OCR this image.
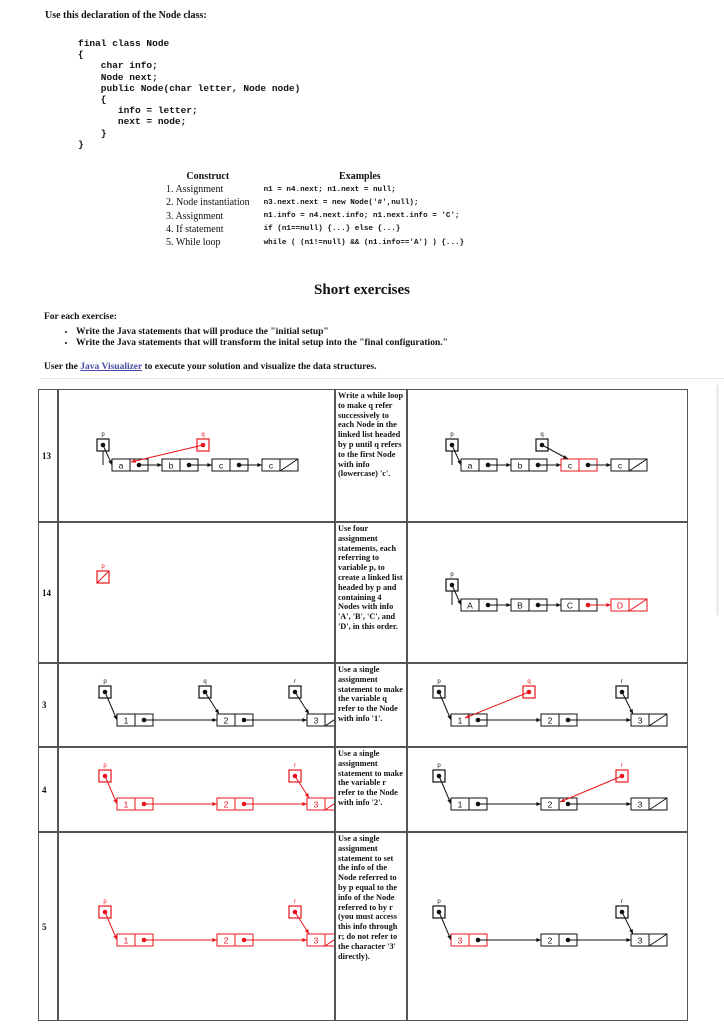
Use this declaration of the Node class:
final class Node
{
char info;
Node next;
public Node(char letter, Node node)
{
info = letter;
next = node;
}
}
Construct	Examples
1. Assignment	n1 = n4.next; n1.next = null;
2. Node instantiation	n3.next.next = new Node('#',null);
3. Assignment	n1.info = n4.next.info; n1.next.info = 'C';
4. If statement	if (n1==null) {...} else {...}
5. While loop	while ( (n1!=null) && (n1.info=='A') ) {...}
Short exercises
For each exercise:
• Write the Java statements that will produce the "initial setup"
• Write the Java statements that will transform the inital setup into the "final configuration."
User the Java Visualizer to execute your solution and visualize the data structures.
13
a	b	c	c
p	q
Write a while loop to make q refer successively to each Node in the linked list headed by p until q refers to the first Node with info (lowercase) 'c'.
a	b	c	c
p	q
14
p
Use four assignment statements, each referring to variable p, to create a linked list headed by p and containing 4 Nodes with info 'A', 'B', 'C', and 'D', in this order.
A	B	C	D
p
3
1	2	3
p	q	r
Use a single assignment statement to make the variable q refer to the Node with info '1'.	1	2	3
p	q	r
4
1	2	3
p	r
Use a single assignment statement to make the variable r refer to the Node with info '2'.	1	2	3
p	r
5
1	2	3
p	r
Use a single assignment statement to set the info of the Node referred to by p equal to the info of the Node referred to by r (you must access this info through r; do not refer to the character '3' directly).
3	2	3
p	r
